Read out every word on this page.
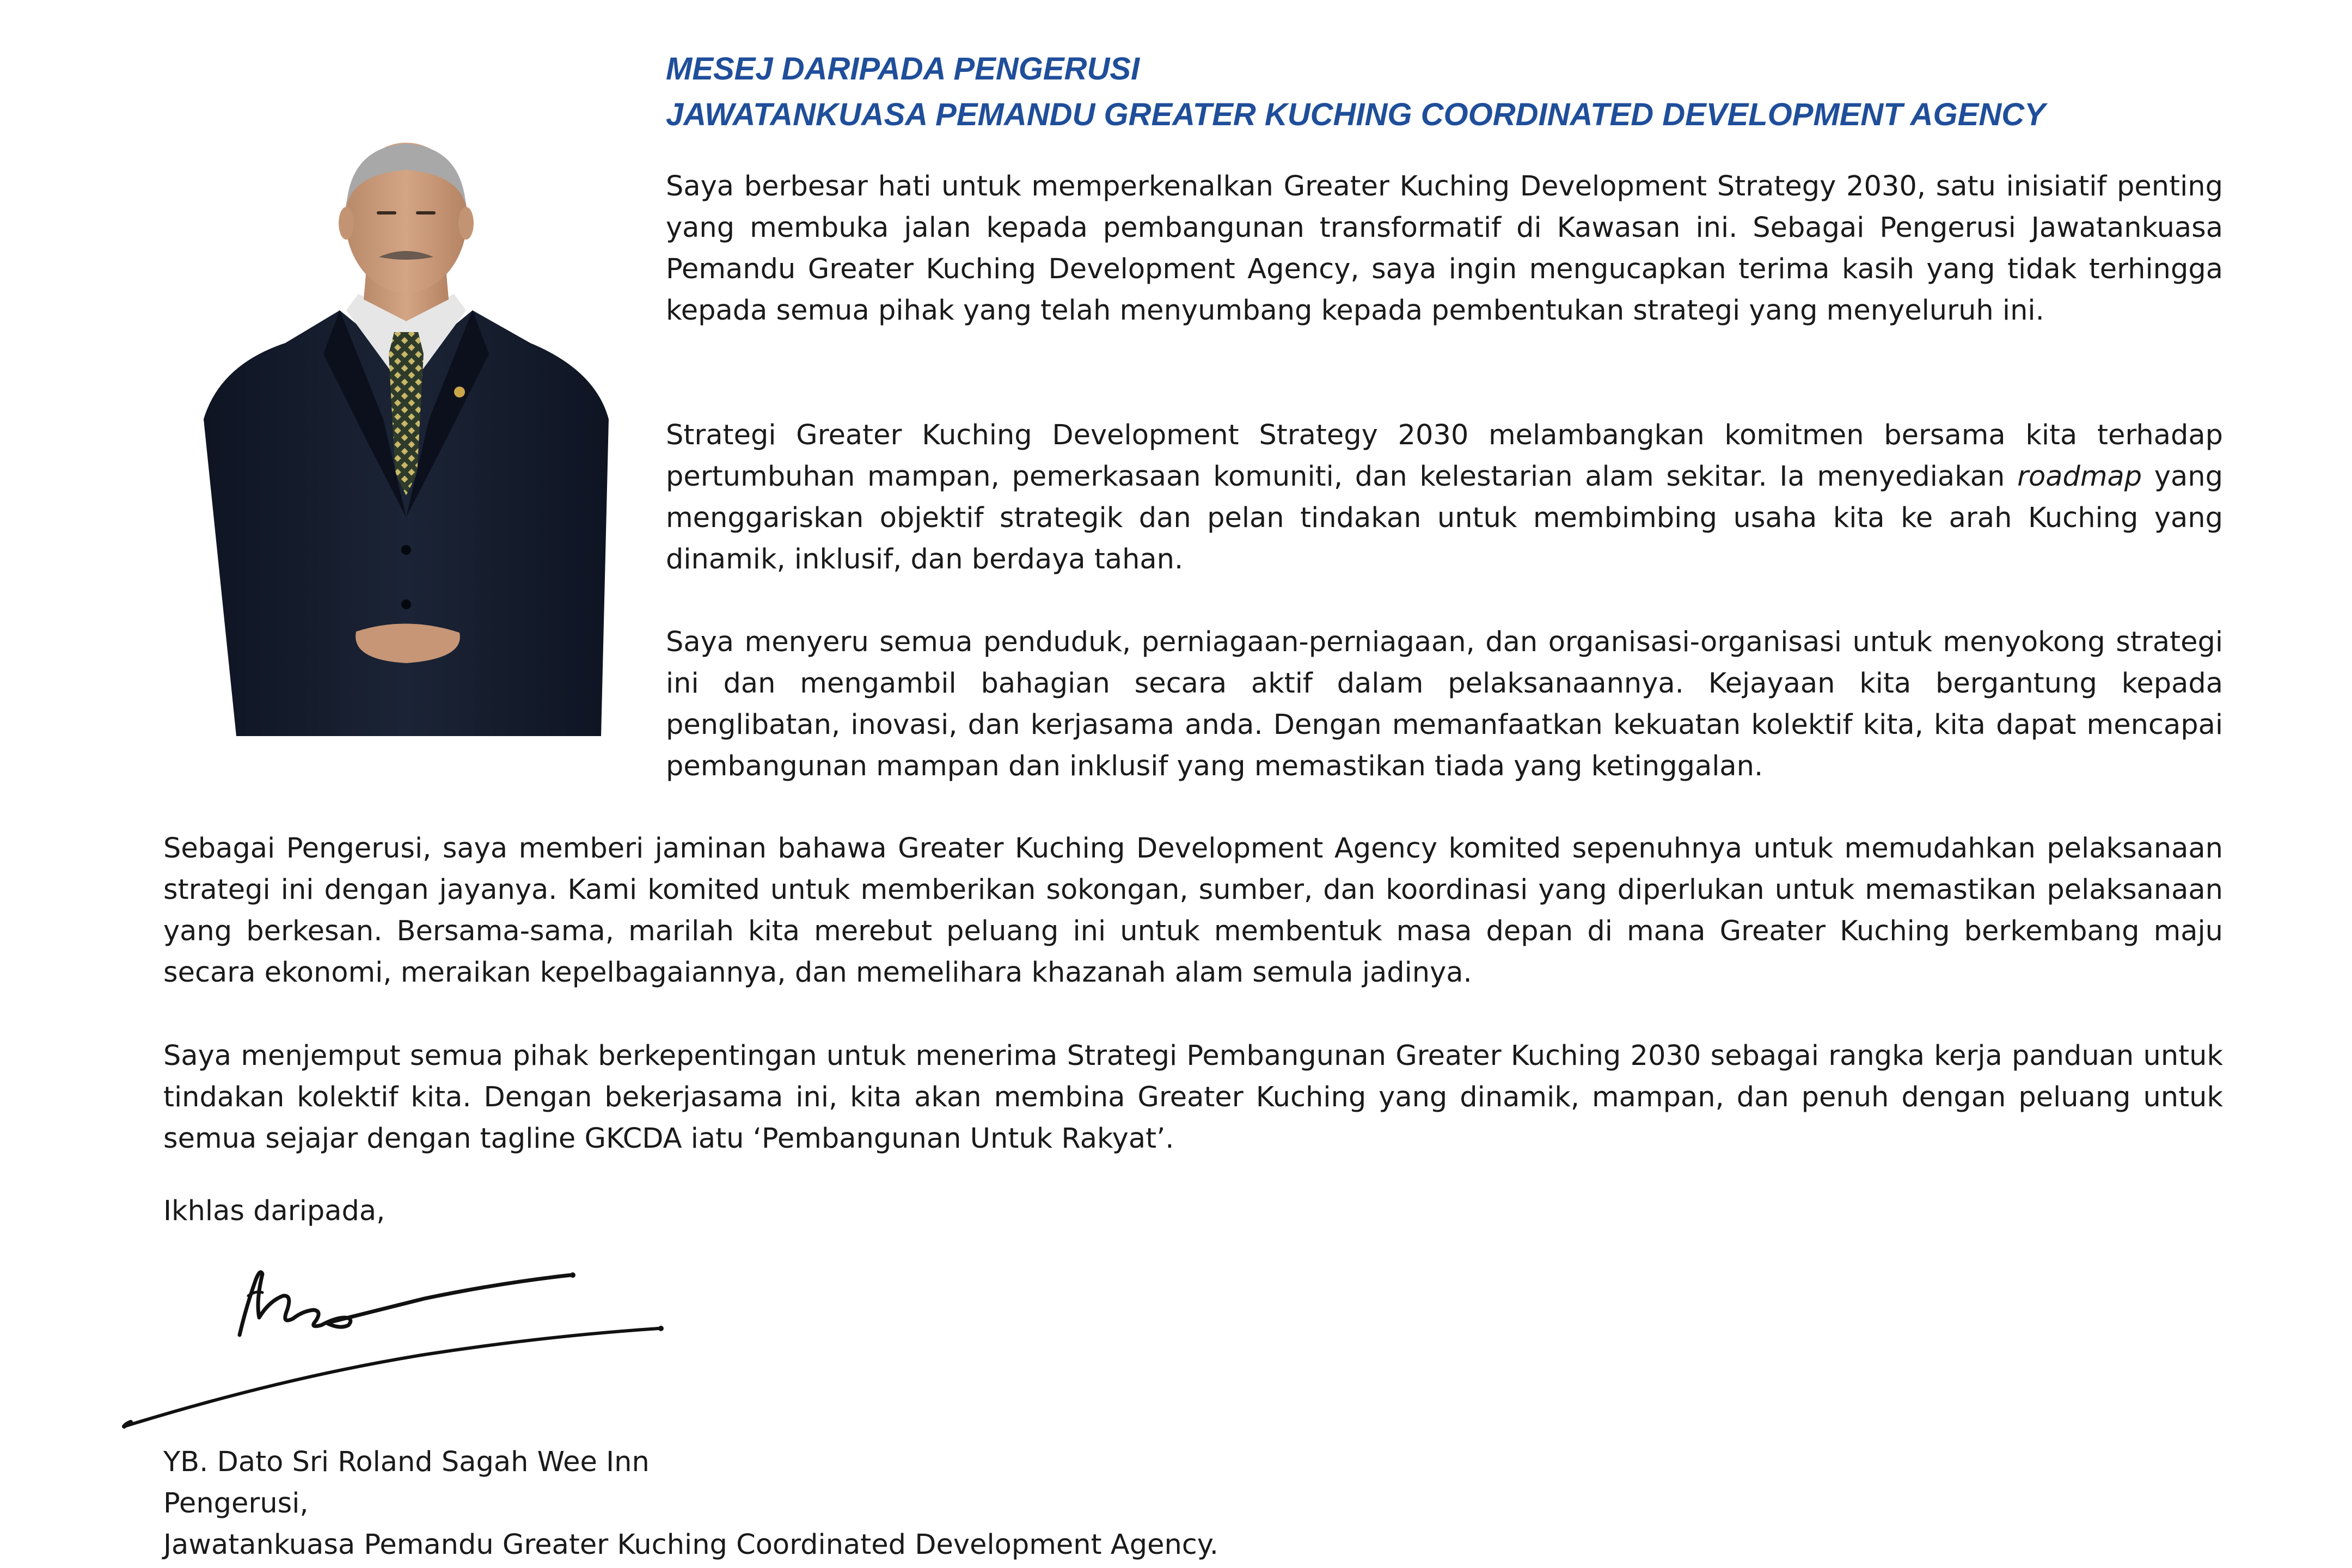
MESEJ DARIPADA PENGERUSI
JAWATANKUASA PEMANDU GREATER KUCHING COORDINATED DEVELOPMENT AGENCY

Saya berbesar hati untuk memperkenalkan Greater Kuching Development Strategy 2030, satu inisiatif penting yang membuka jalan kepada pembangunan transformatif di Kawasan ini. Sebagai Pengerusi Jawatankuasa Pemandu Greater Kuching Development Agency, saya ingin mengucapkan terima kasih yang tidak terhingga kepada semua pihak yang telah menyumbang kepada pembentukan strategi yang menyeluruh ini.

Strategi Greater Kuching Development Strategy 2030 melambangkan komitmen bersama kita terhadap pertumbuhan mampan, pemerkasaan komuniti, dan kelestarian alam sekitar. Ia menyediakan roadmap yang menggariskan objektif strategik dan pelan tindakan untuk membimbing usaha kita ke arah Kuching yang dinamik, inklusif, dan berdaya tahan.

Saya menyeru semua penduduk, perniagaan-perniagaan, dan organisasi-organisasi untuk menyokong strategi ini dan mengambil bahagian secara aktif dalam pelaksanaannya. Kejayaan kita bergantung kepada penglibatan, inovasi, dan kerjasama anda. Dengan memanfaatkan kekuatan kolektif kita, kita dapat mencapai pembangunan mampan dan inklusif yang memastikan tiada yang ketinggalan.

Sebagai Pengerusi, saya memberi jaminan bahawa Greater Kuching Development Agency komited sepenuhnya untuk memudahkan pelaksanaan strategi ini dengan jayanya. Kami komited untuk memberikan sokongan, sumber, dan koordinasi yang diperlukan untuk memastikan pelaksanaan yang berkesan. Bersama-sama, marilah kita merebut peluang ini untuk membentuk masa depan di mana Greater Kuching berkembang maju secara ekonomi, meraikan kepelbagaiannya, dan memelihara khazanah alam semula jadinya.

Saya menjemput semua pihak berkepentingan untuk menerima Strategi Pembangunan Greater Kuching 2030 sebagai rangka kerja panduan untuk tindakan kolektif kita. Dengan bekerjasama ini, kita akan membina Greater Kuching yang dinamik, mampan, dan penuh dengan peluang untuk semua sejajar dengan tagline GKCDA iatu ‘Pembangunan Untuk Rakyat’.

Ikhlas daripada,

YB. Dato Sri Roland Sagah Wee Inn
Pengerusi,
Jawatankuasa Pemandu Greater Kuching Coordinated Development Agency.
